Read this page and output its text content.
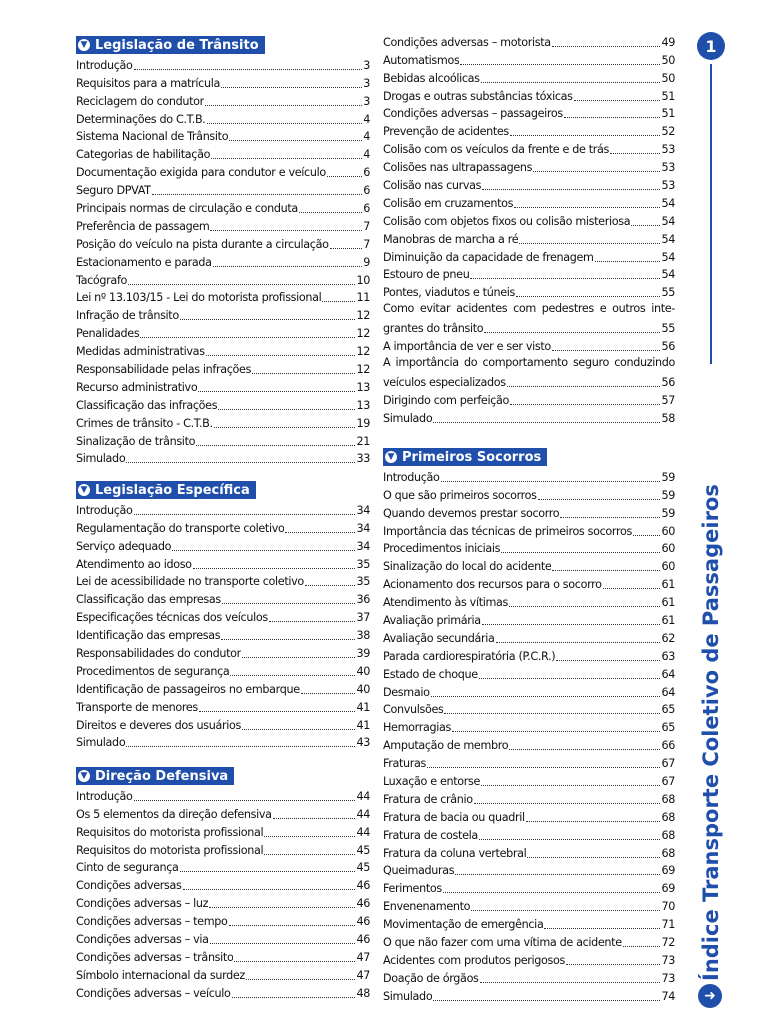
▼ Legislação de Trânsito
Introdução	3
Requisitos para a matrícula	3
Reciclagem do condutor	3
Determinações do C.T.B.	4
Sistema Nacional de Trânsito	4
Categorias de habilitação	4
Documentação exigida para condutor e veículo	6
Seguro DPVAT	6
Principais normas de circulação e conduta	6
Preferência de passagem	7
Posição do veículo na pista durante a circulação	7
Estacionamento e parada	9
Tacógrafo	10
Lei nº 13.103/15 - Lei do motorista profissional	11
Infração de trânsito	12
Penalidades	12
Medidas administrativas	12
Responsabilidade pelas infrações	12
Recurso administrativo	13
Classificação das infrações	13
Crimes de trânsito - C.T.B.	19
Sinalização de trânsito	21
Simulado	33
▼ Legislação Específica
Introdução	34
Regulamentação do transporte coletivo	34
Serviço adequado	34
Atendimento ao idoso	35
Lei de acessibilidade no transporte coletivo	35
Classificação das empresas	36
Especificações técnicas dos veículos	37
Identificação das empresas	38
Responsabilidades do condutor	39
Procedimentos de segurança	40
Identificação de passageiros no embarque	40
Transporte de menores	41
Direitos e deveres dos usuários	41
Simulado	43
▼ Direção Defensiva
Introdução	44
Os 5 elementos da direção defensiva	44
Requisitos do motorista profissional	44
Requisitos do motorista profissional	45
Cinto de segurança	45
Condições adversas	46
Condições adversas – luz	46
Condições adversas – tempo	46
Condições adversas – via	46
Condições adversas – trânsito	47
Símbolo internacional da surdez	47
Condições adversas – veículo	48
Condições adversas – motorista	49
Automatismos	50
Bebidas alcoólicas	50
Drogas e outras substâncias tóxicas	51
Condições adversas – passageiros	51
Prevenção de acidentes	52
Colisão com os veículos da frente e de trás	53
Colisões nas ultrapassagens	53
Colisão nas curvas	53
Colisão em cruzamentos	54
Colisão com objetos fixos ou colisão misteriosa	54
Manobras de marcha a ré	54
Diminuição da capacidade de frenagem	54
Estouro de pneu	54
Pontes, viadutos e túneis	55
Como evitar acidentes com pedestres e outros inte-
grantes do trânsito	55
A importância de ver e ser visto	56
A importância do comportamento seguro conduzindo
veículos especializados	56
Dirigindo com perfeição	57
Simulado	58
▼ Primeiros Socorros
Introdução	59
O que são primeiros socorros	59
Quando devemos prestar socorro	59
Importância das técnicas de primeiros socorros	60
Procedimentos iniciais	60
Sinalização do local do acidente	60
Acionamento dos recursos para o socorro	61
Atendimento às vítimas	61
Avaliação primária	61
Avaliação secundária	62
Parada cardiorespiratória (P.C.R.)	63
Estado de choque	64
Desmaio	64
Convulsões	65
Hemorragias	65
Amputação de membro	66
Fraturas	67
Luxação e entorse	67
Fratura de crânio	68
Fratura de bacia ou quadril	68
Fratura de costela	68
Fratura da coluna vertebral	68
Queimaduras	69
Ferimentos	69
Envenenamento	70
Movimentação de emergência	71
O que não fazer com uma vítima de acidente	72
Acidentes com produtos perigosos	73
Doação de órgãos	73
Simulado	74
1
Índice Transporte Coletivo de Passageiros
➜
